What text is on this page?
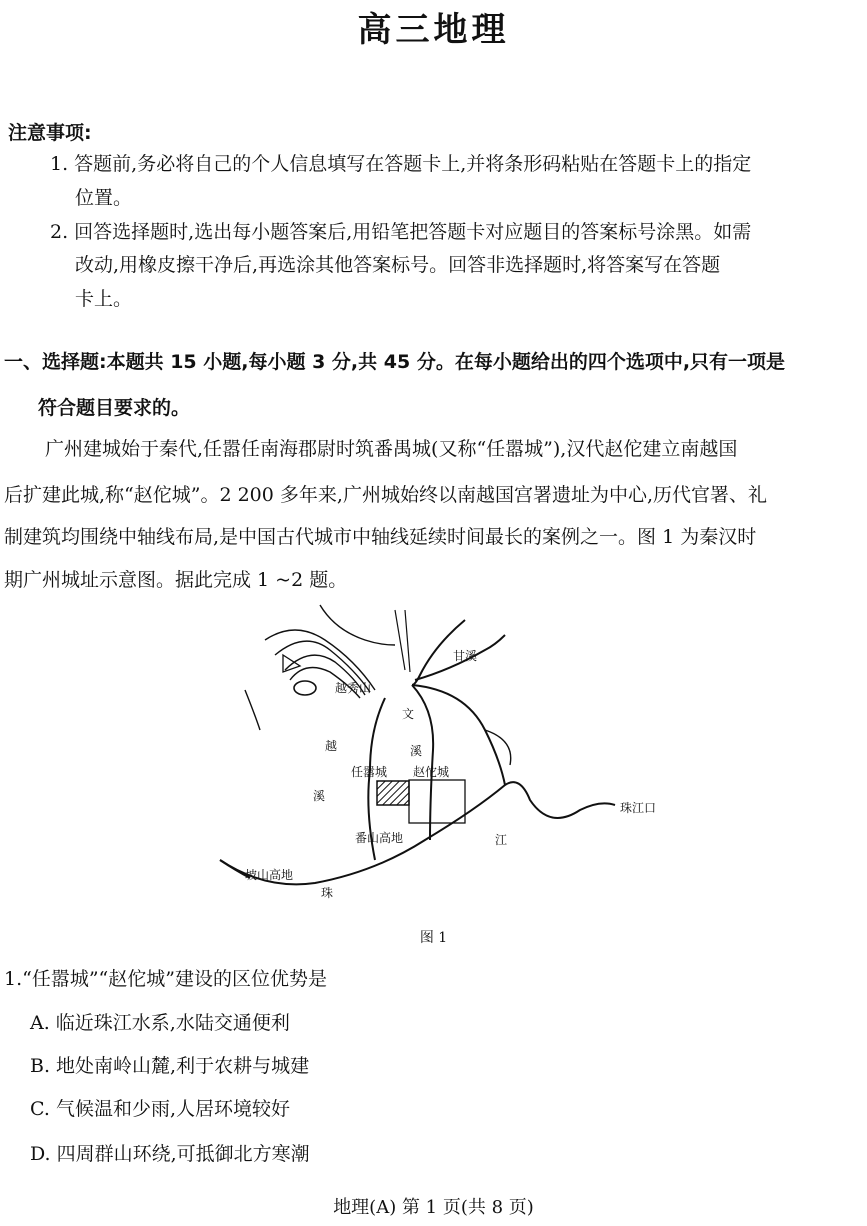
高三地理
注意事项:
1. 答题前,务必将自己的个人信息填写在答题卡上,并将条形码粘贴在答题卡上的指定
位置。
2. 回答选择题时,选出每小题答案后,用铅笔把答题卡对应题目的答案标号涂黑。如需
改动,用橡皮擦干净后,再选涂其他答案标号。回答非选择题时,将答案写在答题
卡上。
一、选择题:本题共 15 小题,每小题 3 分,共 45 分。在每小题给出的四个选项中,只有一项是
符合题目要求的。
广州建城始于秦代,任嚣任南海郡尉时筑番禺城(又称“任嚣城”),汉代赵佗建立南越国
后扩建此城,称“赵佗城”。2 200 多年来,广州城始终以南越国宫署遗址为中心,历代官署、礼
制建筑均围绕中轴线布局,是中国古代城市中轴线延续时间最长的案例之一。图 1 为秦汉时
期广州城址示意图。据此完成 1 ~2 题。
甘溪
越秀山
文
溪
越
溪
任嚣城 赵佗城
珠江口
番山高地	江
坡山高地
珠
图 1
1.“任嚣城”“赵佗城”建设的区位优势是
A. 临近珠江水系,水陆交通便利
B. 地处南岭山麓,利于农耕与城建
C. 气候温和少雨,人居环境较好
D. 四周群山环绕,可抵御北方寒潮
地理(A) 第 1 页(共 8 页)
